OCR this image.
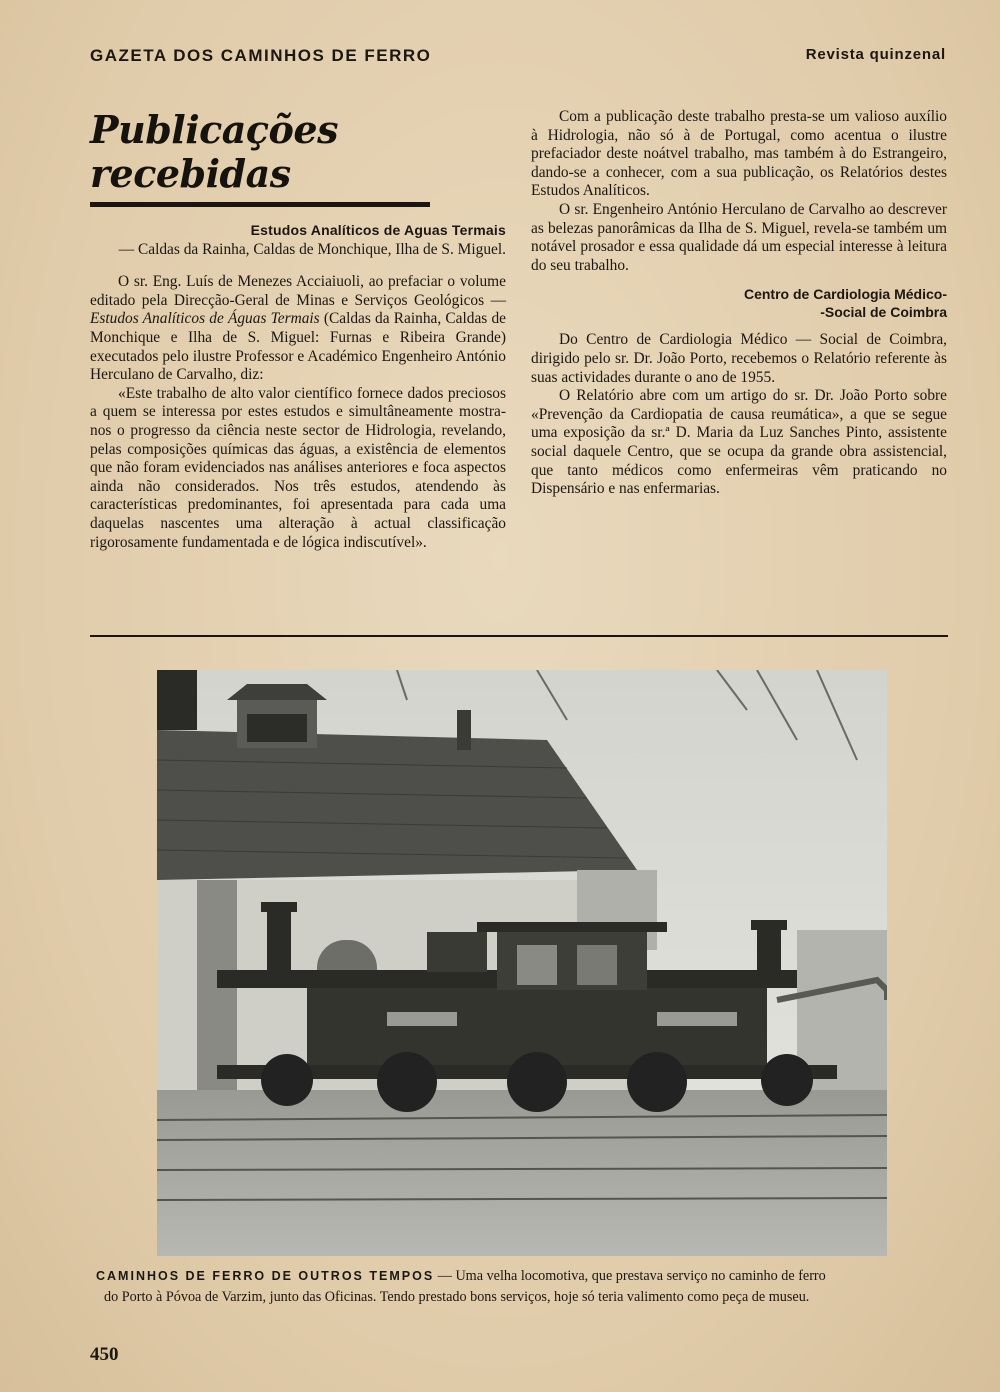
GAZETA DOS CAMINHOS DE FERRO	Revista quinzenal
Publicações recebidas
Estudos Analíticos de Aguas Termais
— Caldas da Rainha, Caldas de Monchique, Ilha de S. Miguel.

O sr. Eng. Luís de Menezes Acciaiuoli, ao prefaciar o volume editado pela Direcção-Geral de Minas e Serviços Geológicos — Estudos Analíticos de Águas Termais (Caldas da Rainha, Caldas de Monchique e Ilha de S. Miguel: Furnas e Ribeira Grande) executados pelo ilustre Professor e Académico Engenheiro António Herculano de Carvalho, diz:

«Este trabalho de alto valor científico fornece dados preciosos a quem se interessa por estes estudos e simultâneamente mostra-nos o progresso da ciência neste sector de Hidrologia, revelando, pelas composições químicas das águas, a existência de elementos que não foram evidenciados nas análises anteriores e foca aspectos ainda não considerados. Nos três estudos, atendendo às características predominantes, foi apresentada para cada uma daquelas nascentes uma alteração à actual classificação rigorosamente fundamentada e de lógica indiscutível».

Com a publicação deste trabalho presta-se um valioso auxílio à Hidrologia, não só à de Portugal, como acentua o ilustre prefaciador deste noátvel trabalho, mas também à do Estrangeiro, dando-se a conhecer, com a sua publicação, os Relatórios destes Estudos Analíticos.

O sr. Engenheiro António Herculano de Carvalho ao descrever as belezas panorâmicas da Ilha de S. Miguel, revela-se também um notável prosador e essa qualidade dá um especial interesse à leitura do seu trabalho.

Centro de Cardiologia Médico-
-Social de Coimbra

Do Centro de Cardiologia Médico — Social de Coimbra, dirigido pelo sr. Dr. João Porto, recebemos o Relatório referente às suas actividades durante o ano de 1955.

O Relatório abre com um artigo do sr. Dr. João Porto sobre «Prevenção da Cardiopatia de causa reumática», a que se segue uma exposição da sr.ª D. Maria da Luz Sanches Pinto, assistente social daquele Centro, que se ocupa da grande obra assistencial, que tanto médicos como enfermeiras vêm praticando no Dispensário e nas enfermarias.

CAMINHOS DE FERRO DE OUTROS TEMPOS — Uma velha locomotiva, que prestava serviço no caminho de ferro
do Porto à Póvoa de Varzim, junto das Oficinas. Tendo prestado bons serviços, hoje só teria valimento como peça de museu.
450
